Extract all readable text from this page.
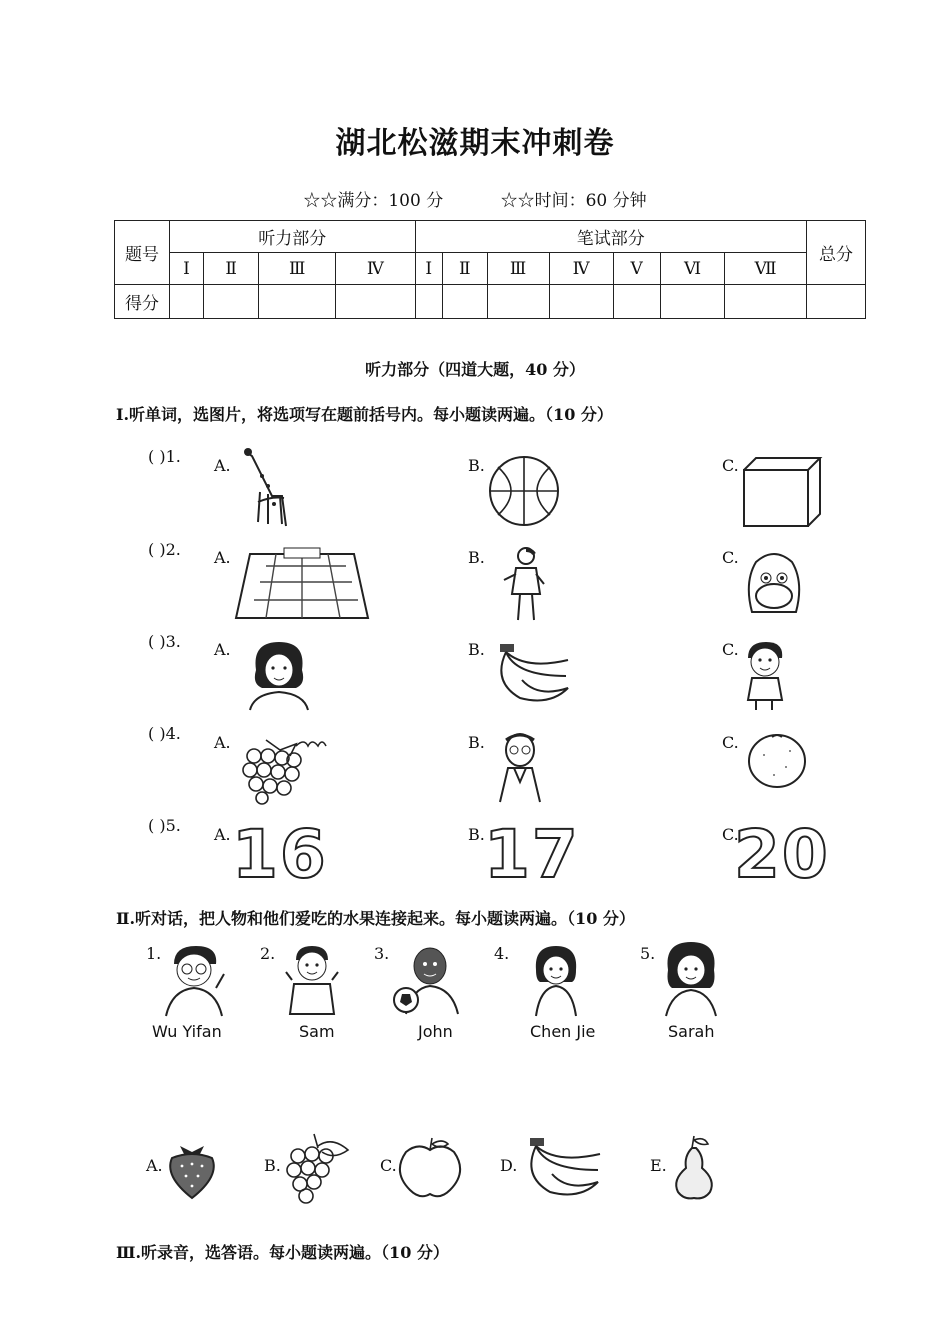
湖北松滋期末冲刺卷
☆☆满分：100 分	☆☆时间：60 分钟
题号	听力部分				笔试部分							总分
	Ⅰ	Ⅱ	Ⅲ	Ⅳ	Ⅰ	Ⅱ	Ⅲ	Ⅳ	Ⅴ	Ⅵ	Ⅶ	
得分												
听力部分（四道大题，40 分）
Ⅰ.听单词，选图片，将选项写在题前括号内。每小题读两遍。（10 分）
( )1. A.	B.	C.
( )2. A.	B.	C.
( )3. A.	B.	C.
( )4. A.	B.	C.
( )5. A.	B.	C.
16 17 20
Ⅱ.听对话，把人物和他们爱吃的水果连接起来。每小题读两遍。（10 分）
1.	2.	3.	4.	5.
Wu Yifan	Sam	John	Chen Jie	Sarah
A.	B.	C.	D.	E.
Ⅲ.听录音，选答语。每小题读两遍。（10 分）
